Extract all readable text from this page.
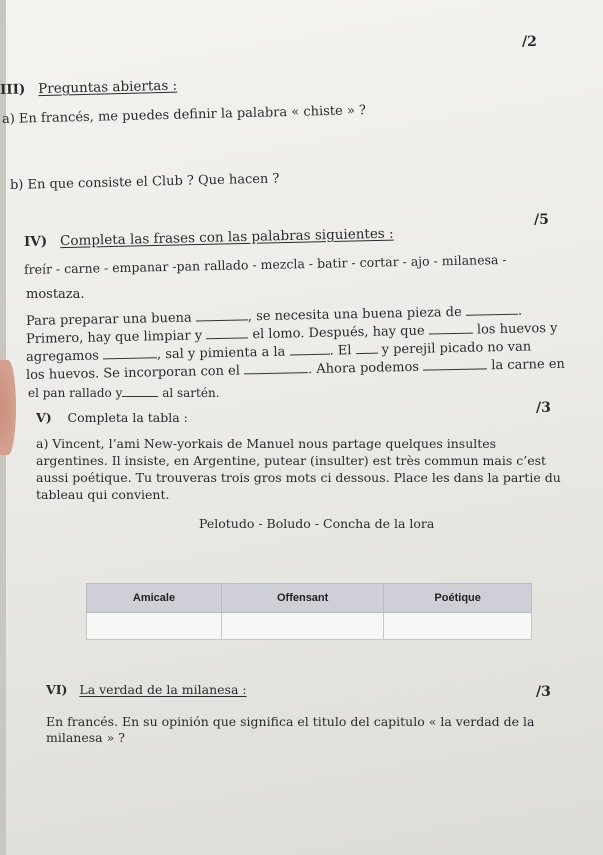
/2
III) Preguntas abiertas :
a) En francés, me puedes definir la palabra « chiste » ?
b) En que consiste el Club ? Que hacen ?
/5
IV) Completa las frases con las palabras siguientes :
freír - carne - empanar -pan rallado - mezcla - batir - cortar - ajo - milanesa -
mostaza.
Para preparar una buena	, se necesita una buena pieza de	.
Primero, hay que limpiar y	el lomo. Después, hay que	los huevos y
agregamos	, sal y pimienta a la	. El y perejil picado no van
los huevos. Se incorporan con el	. Ahora podemos	la carne en
el pan rallado y	al sartén.
/3
V) Completa la tabla :
a) Vincent, l’ami New-yorkais de Manuel nous partage quelques insultes
argentines. Il insiste, en Argentine, putear (insulter) est très commun mais c’est
aussi poétique. Tu trouveras trois gros mots ci dessous. Place les dans la partie du
tableau qui convient.
Pelotudo - Boludo - Concha de la lora
Amicale	Offensant	Poétique

VI) La verdad de la milanesa :	/3
En francés. En su opinión que significa el titulo del capitulo « la verdad de la
milanesa » ?
